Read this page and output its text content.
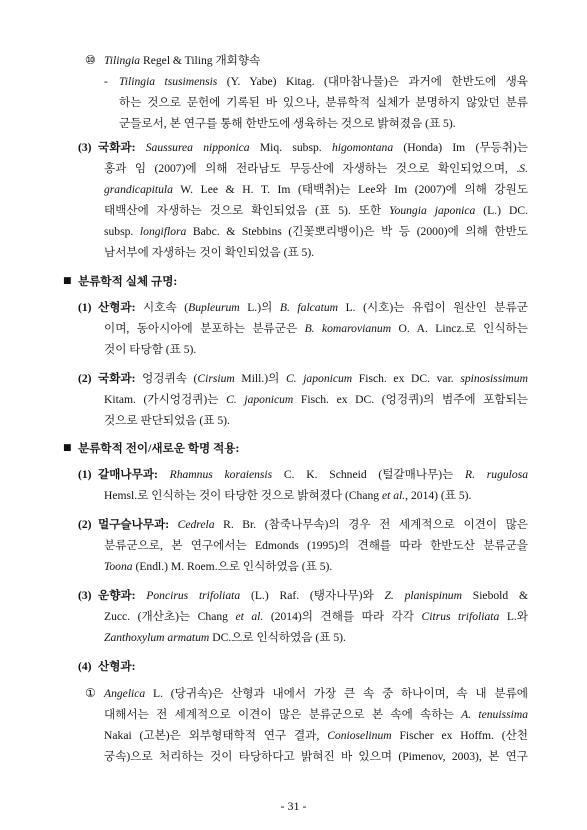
⑩ Tilingia Regel & Tiling 개회향속
- Tilingia tsusimensis (Y. Yabe) Kitag. (대마참나물)은 과거에 한반도에 생육
하는 것으로 문헌에 기록된 바 있으나, 분류학적 실체가 분명하지 않았던 분류
군들로서, 본 연구를 통해 한반도에 생육하는 것으로 밝혀졌음 (표 5).
(3) 국화과: Saussurea nipponica Miq. subsp. higomontana (Honda) Im (무등취)는
홍과 임 (2007)에 의해 전라남도 무등산에 자생하는 것으로 확인되었으며, .S.
grandicapitula W. Lee & H. T. Im (태백취)는 Lee와 Im (2007)에 의해 강원도
태백산에 자생하는 것으로 확인되었음 (표 5). 또한 Youngia japonica (L.) DC.
subsp. longiflora Babc. & Stebbins (긴꽃뽀리뱅이)은 박 등 (2000)에 의해 한반도
남서부에 자생하는 것이 확인되었음 (표 5).
■ 분류학적 실체 규명:
(1) 산형과: 시호속 (Bupleurum L.)의 B. falcatum L. (시호)는 유럽이 원산인 분류군
이며, 동아시아에 분포하는 분류군은 B. komarovianum O. A. Lincz.로 인식하는
것이 타당함 (표 5).
(2) 국화과: 엉겅퀴속 (Cirsium Mill.)의 C. japonicum Fisch. ex DC. var. spinosissimum
Kitam. (가시엉겅퀴)는 C. japonicum Fisch. ex DC. (엉겅퀴)의 범주에 포함되는
것으로 판단되었음 (표 5).
■ 분류학적 전이/새로운 학명 적용:
(1) 갈매나무과: Rhamnus koraiensis C. K. Schneid (털갈매나무)는 R. rugulosa
Hemsl.로 인식하는 것이 타당한 것으로 밝혀졌다 (Chang et al., 2014) (표 5).
(2) 멀구슬나무과: Cedrela R. Br. (참죽나무속)의 경우 전 세계적으로 이견이 많은
분류군으로, 본 연구에서는 Edmonds (1995)의 견해를 따라 한반도산 분류군을
Toona (Endl.) M. Roem.으로 인식하였음 (표 5).
(3) 운향과: Poncirus trifoliata (L.) Raf. (탱자나무)와 Z. planispinum Siebold &
Zucc. (개산초)는 Chang et al. (2014)의 견해를 따라 각각 Citrus trifoliata L.와
Zanthoxylum armatum DC.으로 인식하였음 (표 5).
(4) 산형과:
① Angelica L. (당귀속)은 산형과 내에서 가장 큰 속 중 하나이며, 속 내 분류에
대해서는 전 세계적으로 이견이 많은 분류군으로 본 속에 속하는 A. tenuissima
Nakai (고본)은 외부형태학적 연구 결과, Conioselinum Fischer ex Hoffm. (산천
궁속)으로 처리하는 것이 타당하다고 밝혀진 바 있으며 (Pimenov, 2003), 본 연구
- 31 -
